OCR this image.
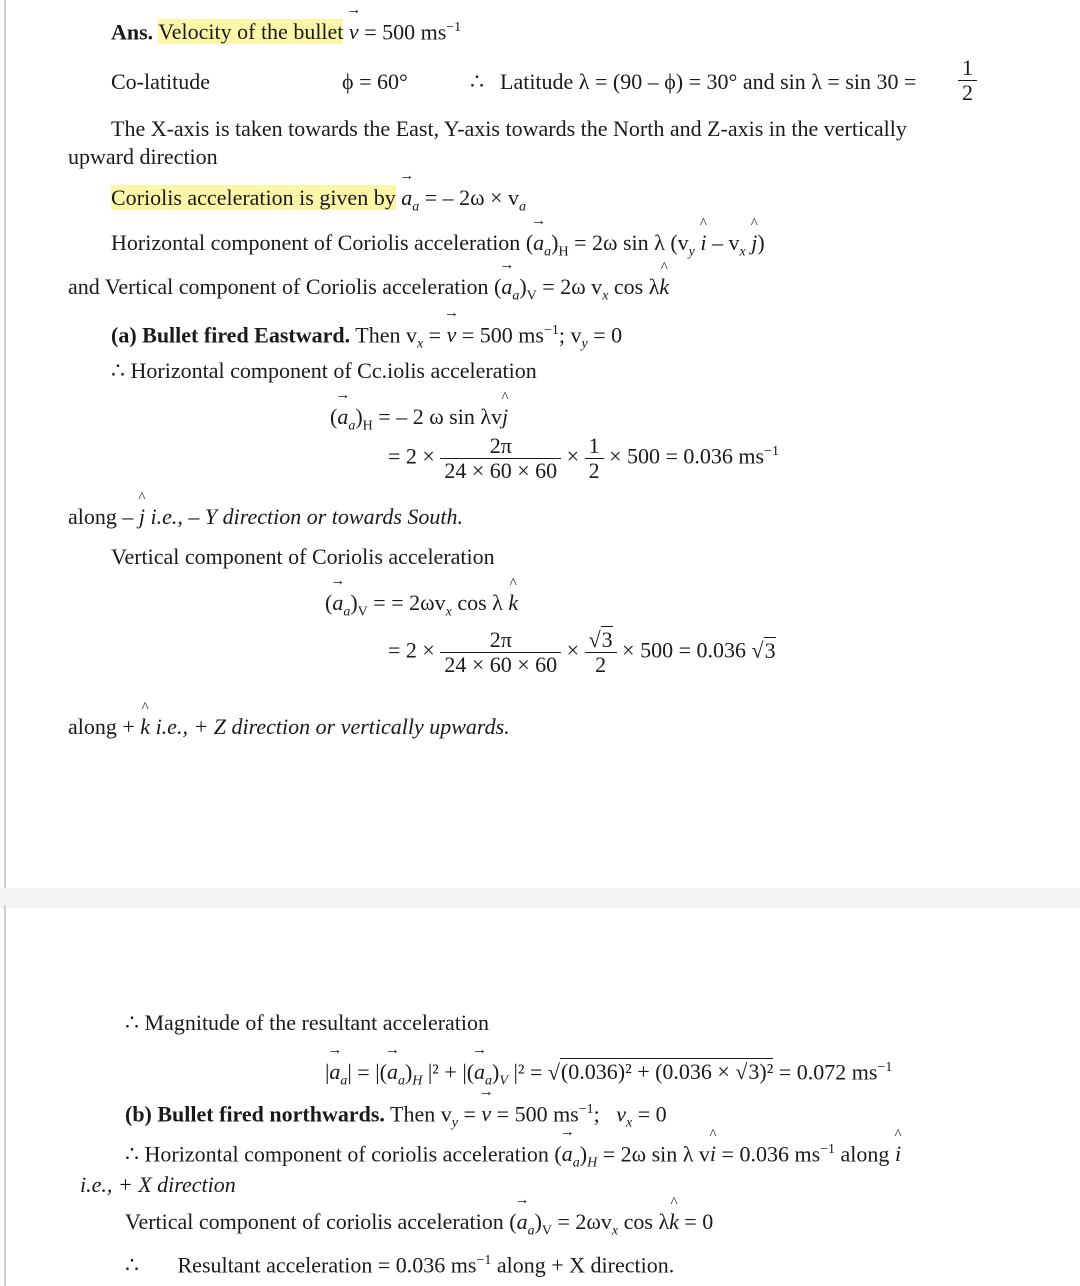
Ans. Velocity of the bullet → v = 500 $ms^{-1}$
Co-latitude	ϕ = 60°	∴ Latitude λ = (90 – ϕ) = 30° and $\sin \lambda = \sin 30 = \frac{1}{2}$
The X-axis is taken towards the East, Y-axis towards the North and Z-axis in the vertically
upward direction
Coriolis acceleration is given by → $a_a$ = – $2\omega \times v_a$
Horizontal component of Coriolis acceleration (→ $a_a)_H = 2\omega$ sin λ ($v_y$ ^ i – $v_x$ ^ j)
and Vertical component of Coriolis acceleration (→ $a_a)_V = 2\omega$ $v_x$ cos λ^ k
(a) Bullet fired Eastward. Then $v_x$ = → v = 500 $ms^{-1}$; $v_y = 0$
∴ Horizontal component of Cc.iolis acceleration
(→ $a_a)_H$ = – 2 ω sin λv^ j
= $2 \times \frac{2\pi}{24 \times 60 \times 60} \times \frac{1}{2} \times 500 = 0.036$ $ms^{-1}$
along – ^ j i.e., – Y direction or towards South.
Vertical component of Coriolis acceleration
(→ $a_a)_V$ = = $2\omega v_x$ cos λ ^ k
= $2 \times \frac{2\pi}{24 \times 60 \times 60} \times \frac{√3}{2} \times 500 = 0.036$ √3
along + ^ k i.e., + Z direction or vertically upwards.
∴ Magnitude of the resultant acceleration
|→ $a_a|$ = |(→ $a_a)_H$ |² + |(→ $a_a)_V$ |² = √(0.036)² + (0.036 × √3)² = 0.072 $ms^{-1}$
(b) Bullet fired northwards. Then $v_y$ = → v = 500 $ms^{-1}$;   $v_x = 0$
∴ Horizontal component of coriolis acceleration (→ $a_a)_H = 2\omega$ sin λ v^ i = 0.036 $ms^{-1}$ along ^ i
i.e., + X direction
Vertical component of coriolis acceleration (→ $a_a)_V = 2\omega v_x$ cos λ^ k = 0
∴ Resultant acceleration = 0.036 $ms^{-1}$ along + X direction.
